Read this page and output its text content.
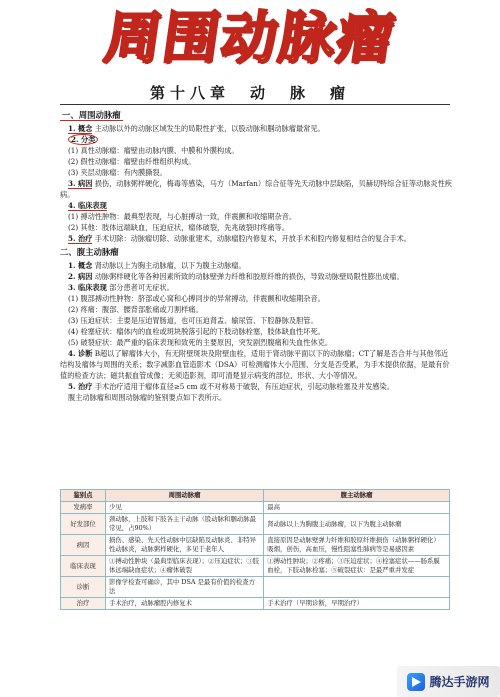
周围动脉瘤
第十八章　动　脉　瘤
一、周围动脉瘤
1. 概念 主动脉以外的动脉区域发生的局限性扩张，以股动脉和腘动脉瘤最常见。
2. 分类
(1) 真性动脉瘤：瘤壁由动脉内膜、中膜和外膜构成。
(2) 假性动脉瘤：瘤壁由纤维组织构成。
(3) 夹层动脉瘤：有内膜撕裂。
3. 病因 损伤，动脉粥样硬化，梅毒等感染，马方（Marfan）综合征等先天动脉中层缺陷，贝赫切特综合征等动脉炎性疾病。
4. 临床表现
(1) 搏动性肿物：最典型表现，与心脏搏动一致，伴震颤和收缩期杂音。
(2) 其他：肢体远端缺血，压迫症状，瘤体破裂，先兆破裂时疼痛等。
5. 治疗 手术切除：动脉瘤切除、动脉重建术，动脉瘤腔内修复术，开放手术和腔内修复相结合的复合手术。
二、腹主动脉瘤
1. 概念 肾动脉以上为胸主动脉瘤，以下为腹主动脉瘤。
2. 病因 动脉粥样硬化等各种因素所致的动脉壁弹力纤维和胶原纤维的损伤，导致动脉壁局限性膨出成瘤。
3. 临床表现 部分患者可无症状。
(1) 腹部搏动性肿物：脐部或心窝和心搏同步的异常搏动，伴震颤和收缩期杂音。
(2) 疼痛：腹部、腰背部胀痛或刀割样痛。
(3) 压迫症状：主要是压迫胃肠道，也可压迫肾盂、输尿管、下腔静脉及胆管。
(4) 栓塞症状：瘤体内的血栓或斑块脱落引起的下肢动脉栓塞，肢体缺血性坏死。
(5) 破裂症状：最严重的临床表现和致死的主要原因，突发剧烈腹痛和失血性休克。
4. 诊断 B超以了解瘤体大小，有无附壁斑块及附壁血栓，适用于肾动脉平面以下的动脉瘤；CT了解是否合并与其他邻近结构及瘤体与周围的关系；数字减影血管造影术（DSA）可检测瘤体大小范围、分支是否受累，为手术提供依据，是最有价值的检查方法；磁共振血管成像；无须造影剂，即可清楚显示病变的部位、形状、大小等情况。
5. 治疗 手术治疗适用于瘤体直径≥5 cm 或不对称易于破裂，有压迫症状，引起动脉栓塞及并发感染。
腹主动脉瘤和周围动脉瘤的鉴别要点如下表所示。
鉴别点	周围动脉瘤	腹主动脉瘤
发病率	少见	最高
好发部位	颈动脉，上肢和下肢各主干动脉（股动脉和腘动脉最常见，占90%）	肾动脉以上为胸腹主动脉瘤，以下为腹主动脉瘤
病因	损伤、感染、先天性动脉中层缺陷及动脉炎、非特异性动脉炎，动脉粥样硬化，多见于老年人	直接原因是动脉壁弹力纤维和胶原纤维损伤（动脉粥样硬化）吸烟，创伤，高血压，慢性阻塞性肺病等是易感因素
临床表现	①搏动性肿块（最典型临床表现）；②压迫症状；③肢体远端缺血症状；④瘤体破裂	①搏动性肿块；②疼痛；③压迫症状；④栓塞症状——肠系膜血栓，下肢动脉栓塞；⑤破裂症状：是最严重并发症
诊断	影像学检查可确诊，其中 DSA 是最有价值的检查方法	
治疗	手术治疗，动脉瘤腔内修复术	手术治疗（早期诊断，早期治疗）
腾达手游网
